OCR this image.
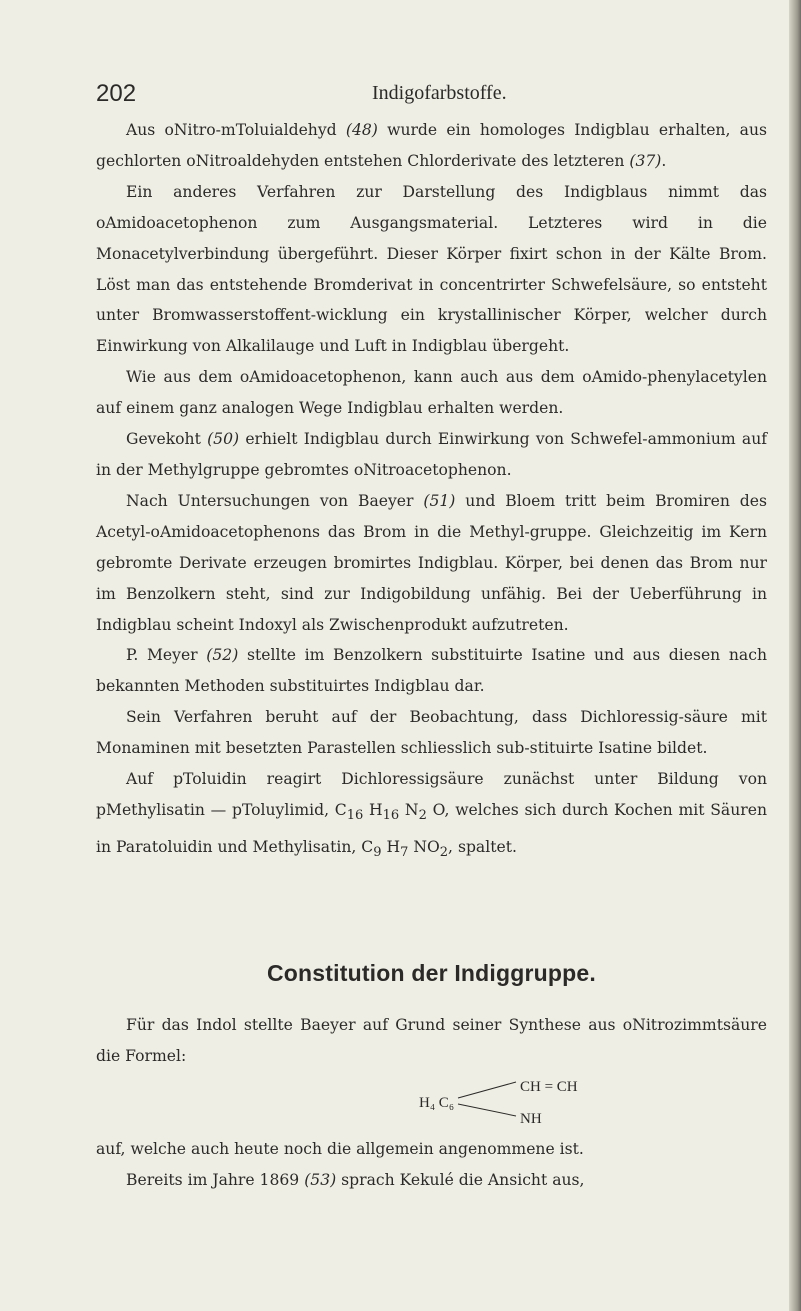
202	Indigofarbstoffe.

Aus oNitro-mToluialdehyd (48) wurde ein homologes Indigblau erhalten, aus gechlorten oNitroaldehyden entstehen Chlorderivate des letzteren (37).

Ein anderes Verfahren zur Darstellung des Indigblaus nimmt das oAmidoacetophenon zum Ausgangsmaterial. Letzteres wird in die Monacetylverbindung übergeführt. Dieser Körper fixirt schon in der Kälte Brom. Löst man das entstehende Bromderivat in concentrirter Schwefelsäure, so entsteht unter Bromwasserstoffent-wicklung ein krystallinischer Körper, welcher durch Einwirkung von Alkalilauge und Luft in Indigblau übergeht.

Wie aus dem oAmidoacetophenon, kann auch aus dem oAmido-phenylacetylen auf einem ganz analogen Wege Indigblau erhalten werden.

Gevekoht (50) erhielt Indigblau durch Einwirkung von Schwefel-ammonium auf in der Methylgruppe gebromtes oNitroacetophenon.

Nach Untersuchungen von Baeyer (51) und Bloem tritt beim Bromiren des Acetyl-oAmidoacetophenons das Brom in die Methyl-gruppe. Gleichzeitig im Kern gebromte Derivate erzeugen bromirtes Indigblau. Körper, bei denen das Brom nur im Benzolkern steht, sind zur Indigobildung unfähig. Bei der Ueberführung in Indigblau scheint Indoxyl als Zwischenprodukt aufzutreten.

P. Meyer (52) stellte im Benzolkern substituirte Isatine und aus diesen nach bekannten Methoden substituirtes Indigblau dar.

Sein Verfahren beruht auf der Beobachtung, dass Dichloressig-säure mit Monaminen mit besetzten Parastellen schliesslich sub-stituirte Isatine bildet.

Auf pToluidin reagirt Dichloressigsäure zunächst unter Bildung von pMethylisatin — pToluylimid, $C_{16}$ $H_{16}$ $N_2$ O, welches sich durch Kochen mit Säuren in Paratoluidin und Methylisatin, $C_9$ $H_7$ $NO_2$, spaltet.

Constitution der Indiggruppe.

Für das Indol stellte Baeyer auf Grund seiner Synthese aus oNitrozimmtsäure die Formel:

CH = CH
H₄ C₆
NH

auf, welche auch heute noch die allgemein angenommene ist.

Bereits im Jahre 1869 (53) sprach Kekulé die Ansicht aus,
